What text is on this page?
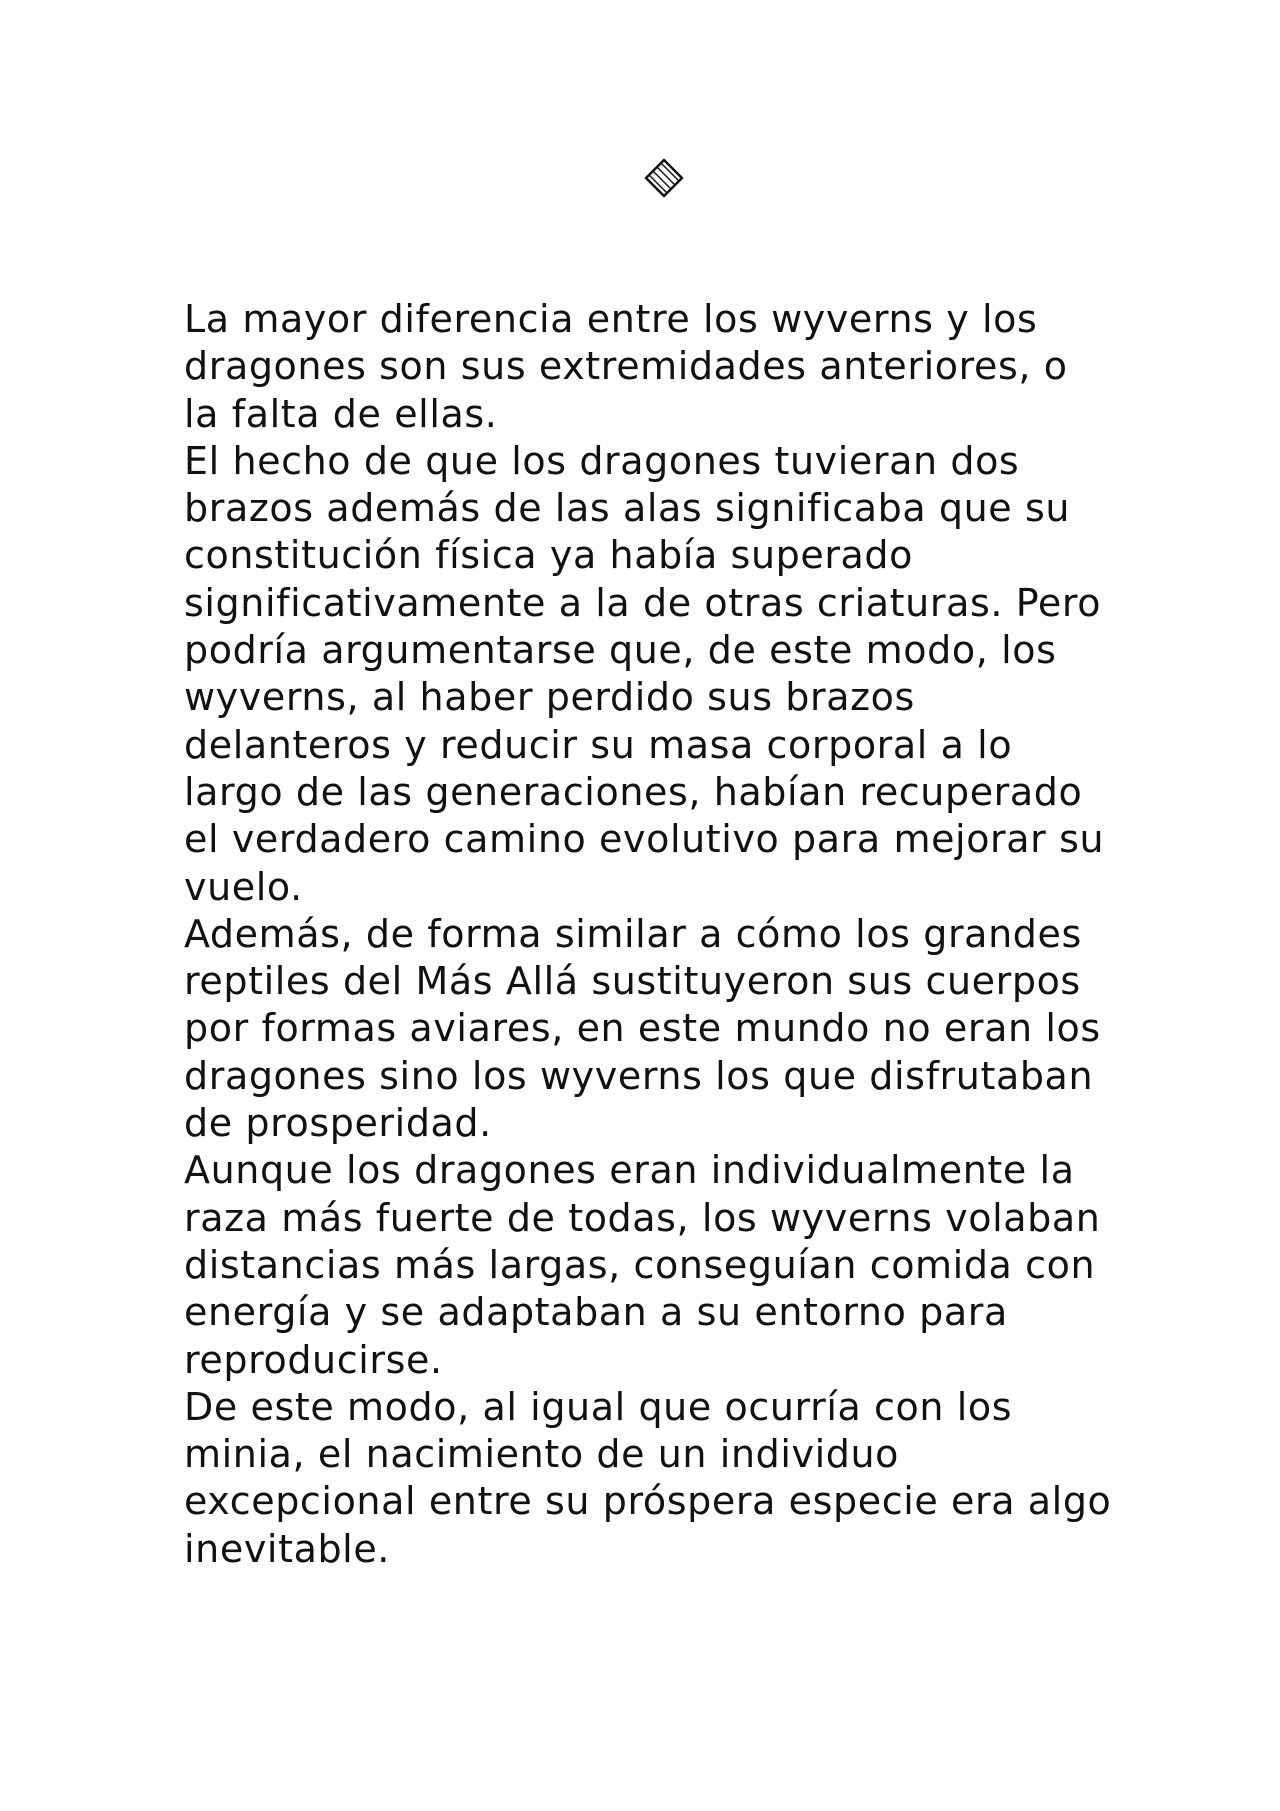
La mayor diferencia entre los wyverns y los
dragones son sus extremidades anteriores, o
la falta de ellas.
El hecho de que los dragones tuvieran dos
brazos además de las alas significaba que su
constitución física ya había superado
significativamente a la de otras criaturas. Pero
podría argumentarse que, de este modo, los
wyverns, al haber perdido sus brazos
delanteros y reducir su masa corporal a lo
largo de las generaciones, habían recuperado
el verdadero camino evolutivo para mejorar su
vuelo.
Además, de forma similar a cómo los grandes
reptiles del Más Allá sustituyeron sus cuerpos
por formas aviares, en este mundo no eran los
dragones sino los wyverns los que disfrutaban
de prosperidad.
Aunque los dragones eran individualmente la
raza más fuerte de todas, los wyverns volaban
distancias más largas, conseguían comida con
energía y se adaptaban a su entorno para
reproducirse.
De este modo, al igual que ocurría con los
minia, el nacimiento de un individuo
excepcional entre su próspera especie era algo
inevitable.
